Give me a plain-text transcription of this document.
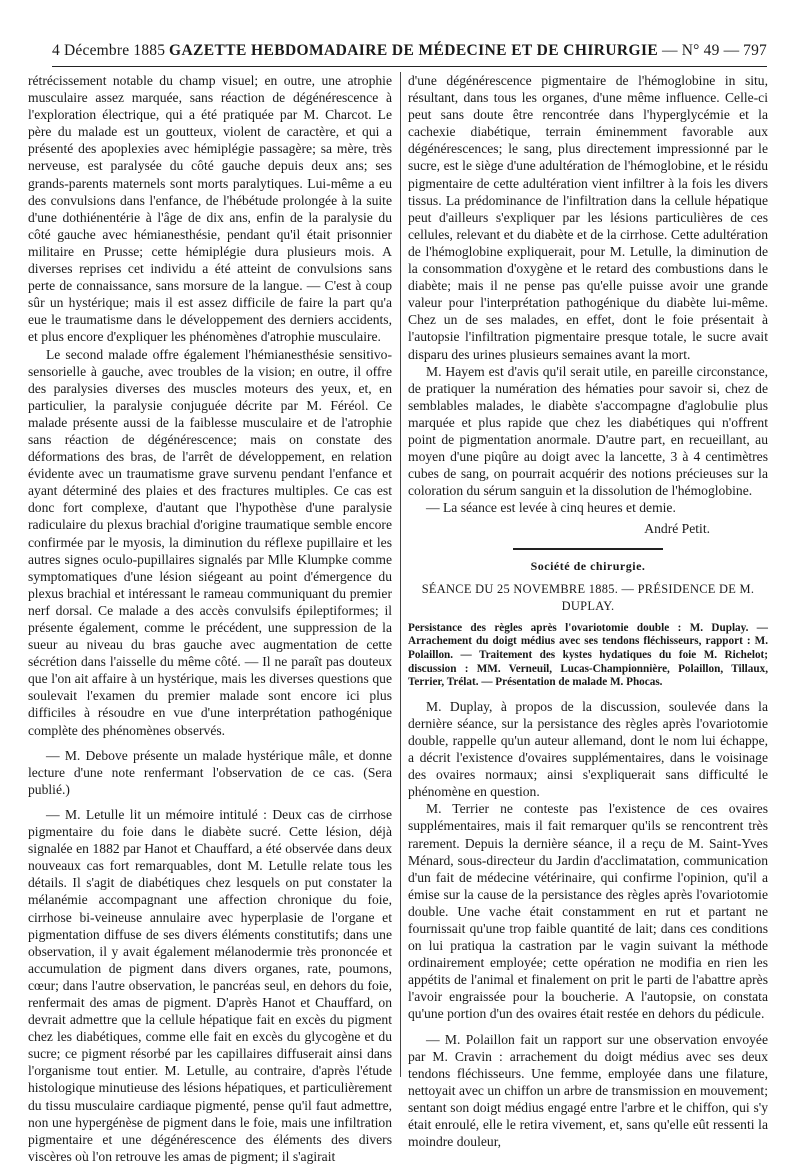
4 Décembre 1885 GAZETTE HEBDOMADAIRE DE MÉDECINE ET DE CHIRURGIE — N° 49 — 797

rétrécissement notable du champ visuel; en outre, une atrophie musculaire assez marquée, sans réaction de dégénérescence à l'exploration électrique, qui a été pratiquée par M. Charcot. Le père du malade est un goutteux, violent de caractère, et qui a présenté des apoplexies avec hémiplégie passagère; sa mère, très nerveuse, est paralysée du côté gauche depuis deux ans; ses grands-parents maternels sont morts paralytiques. Lui-même a eu des convulsions dans l'enfance, de l'hébétude prolongée à la suite d'une dothiénentérie à l'âge de dix ans, enfin de la paralysie du côté gauche avec hémianesthésie, pendant qu'il était prisonnier militaire en Prusse; cette hémiplégie dura plusieurs mois. A diverses reprises cet individu a été atteint de convulsions sans perte de connaissance, sans morsure de la langue. — C'est à coup sûr un hystérique; mais il est assez difficile de faire la part qu'a eue le traumatisme dans le développement des derniers accidents, et plus encore d'expliquer les phénomènes d'atrophie musculaire.

Le second malade offre également l'hémianesthésie sensitivo-sensorielle à gauche, avec troubles de la vision; en outre, il offre des paralysies diverses des muscles moteurs des yeux, et, en particulier, la paralysie conjuguée décrite par M. Féréol. Ce malade présente aussi de la faiblesse musculaire et de l'atrophie sans réaction de dégénérescence; mais on constate des déformations des bras, de l'arrêt de développement, en relation évidente avec un traumatisme grave survenu pendant l'enfance et ayant déterminé des plaies et des fractures multiples. Ce cas est donc fort complexe, d'autant que l'hypothèse d'une paralysie radiculaire du plexus brachial d'origine traumatique semble encore confirmée par le myosis, la diminution du réflexe pupillaire et les autres signes oculo-pupillaires signalés par Mlle Klumpke comme symptomatiques d'une lésion siégeant au point d'émergence du plexus brachial et intéressant le rameau communiquant du premier nerf dorsal. Ce malade a des accès convulsifs épileptiformes; il présente également, comme le précédent, une suppression de la sueur au niveau du bras gauche avec augmentation de cette sécrétion dans l'aisselle du même côté. — Il ne paraît pas douteux que l'on ait affaire à un hystérique, mais les diverses questions que soulevait l'examen du premier malade sont encore ici plus difficiles à résoudre en vue d'une interprétation pathogénique complète des phénomènes observés.

— M. Debove présente un malade hystérique mâle, et donne lecture d'une note renfermant l'observation de ce cas. (Sera publié.)

— M. Letulle lit un mémoire intitulé : Deux cas de cirrhose pigmentaire du foie dans le diabète sucré. Cette lésion, déjà signalée en 1882 par Hanot et Chauffard, a été observée dans deux nouveaux cas fort remarquables, dont M. Letulle relate tous les détails. Il s'agit de diabétiques chez lesquels on put constater la mélanémie accompagnant une affection chronique du foie, cirrhose bi-veineuse annulaire avec hyperplasie de l'organe et pigmentation diffuse de ses divers éléments constitutifs; dans une observation, il y avait également mélanodermie très prononcée et accumulation de pigment dans divers organes, rate, poumons, cœur; dans l'autre observation, le pancréas seul, en dehors du foie, renfermait des amas de pigment. D'après Hanot et Chauffard, on devrait admettre que la cellule hépatique fait en excès du pigment chez les diabétiques, comme elle fait en excès du glycogène et du sucre; ce pigment résorbé par les capillaires diffuserait ainsi dans l'organisme tout entier. M. Letulle, au contraire, d'après l'étude histologique minutieuse des lésions hépatiques, et particulièrement du tissu musculaire cardiaque pigmenté, pense qu'il faut admettre, non une hypergénèse de pigment dans le foie, mais une infiltration pigmentaire et une dégénérescence des éléments des divers viscères où l'on retrouve les amas de pigment; il s'agirait

d'une dégénérescence pigmentaire de l'hémoglobine in situ, résultant, dans tous les organes, d'une même influence. Celle-ci peut sans doute être rencontrée dans l'hyperglycémie et la cachexie diabétique, terrain éminemment favorable aux dégénérescences; le sang, plus directement impressionné par le sucre, est le siège d'une adultération de l'hémoglobine, et le résidu pigmentaire de cette adultération vient infiltrer à la fois les divers tissus. La prédominance de l'infiltration dans la cellule hépatique peut d'ailleurs s'expliquer par les lésions particulières de ces cellules, relevant et du diabète et de la cirrhose. Cette adultération de l'hémoglobine expliquerait, pour M. Letulle, la diminution de la consommation d'oxygène et le retard des combustions dans le diabète; mais il ne pense pas qu'elle puisse avoir une grande valeur pour l'interprétation pathogénique du diabète lui-même. Chez un de ses malades, en effet, dont le foie présentait à l'autopsie l'infiltration pigmentaire presque totale, le sucre avait disparu des urines plusieurs semaines avant la mort.

M. Hayem est d'avis qu'il serait utile, en pareille circonstance, de pratiquer la numération des hématies pour savoir si, chez de semblables malades, le diabète s'accompagne d'aglobulie plus marquée et plus rapide que chez les diabétiques qui n'offrent point de pigmentation anormale. D'autre part, en recueillant, au moyen d'une piqûre au doigt avec la lancette, 3 à 4 centimètres cubes de sang, on pourrait acquérir des notions précieuses sur la coloration du sérum sanguin et la dissolution de l'hémoglobine.

— La séance est levée à cinq heures et demie.

André Petit.

Société de chirurgie.
SÉANCE DU 25 NOVEMBRE 1885. — PRÉSIDENCE DE M. DUPLAY.
Persistance des règles après l'ovariotomie double : M. Duplay. — Arrachement du doigt médius avec ses tendons fléchisseurs, rapport : M. Polaillon. — Traitement des kystes hydatiques du foie M. Richelot; discussion : MM. Verneuil, Lucas-Championnière, Polaillon, Tillaux, Terrier, Trélat. — Présentation de malade M. Phocas.

M. Duplay, à propos de la discussion, soulevée dans la dernière séance, sur la persistance des règles après l'ovariotomie double, rappelle qu'un auteur allemand, dont le nom lui échappe, a décrit l'existence d'ovaires supplémentaires, dans le voisinage des ovaires normaux; ainsi s'expliquerait sans difficulté le phénomène en question.

M. Terrier ne conteste pas l'existence de ces ovaires supplémentaires, mais il fait remarquer qu'ils se rencontrent très rarement. Depuis la dernière séance, il a reçu de M. Saint-Yves Ménard, sous-directeur du Jardin d'acclimatation, communication d'un fait de médecine vétérinaire, qui confirme l'opinion, qu'il a émise sur la cause de la persistance des règles après l'ovariotomie double. Une vache était constamment en rut et partant ne fournissait qu'une trop faible quantité de lait; dans ces conditions on lui pratiqua la castration par le vagin suivant la méthode ordinairement employée; cette opération ne modifia en rien les appétits de l'animal et finalement on prit le parti de l'abattre après l'avoir engraissée pour la boucherie. A l'autopsie, on constata qu'une portion d'un des ovaires était restée en dehors du pédicule.

— M. Polaillon fait un rapport sur une observation envoyée par M. Cravin : arrachement du doigt médius avec ses deux tendons fléchisseurs. Une femme, employée dans une filature, nettoyait avec un chiffon un arbre de transmission en mouvement; sentant son doigt médius engagé entre l'arbre et le chiffon, qui s'y était enroulé, elle le retira vivement, et, sans qu'elle eût ressenti la moindre douleur,
